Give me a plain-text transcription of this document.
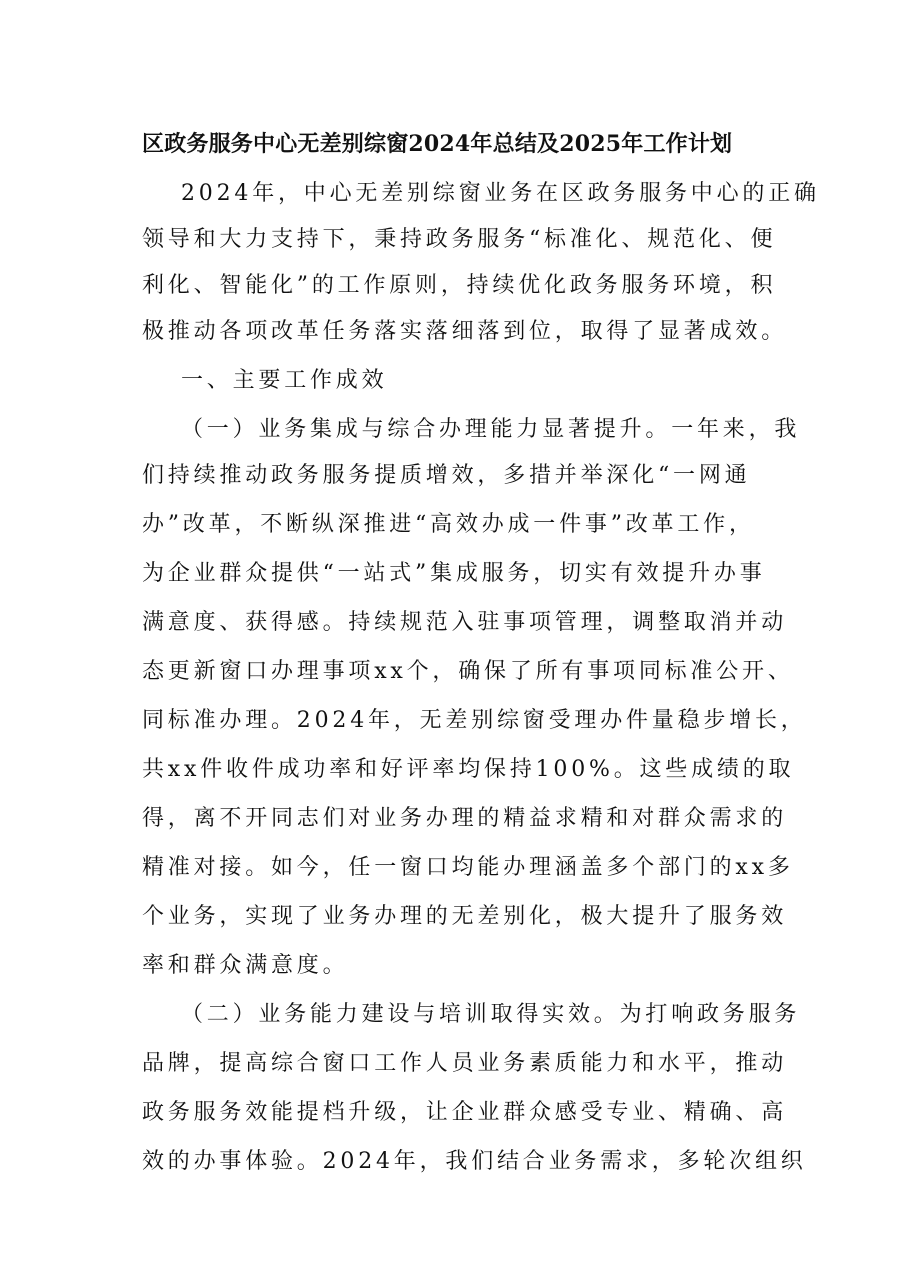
区政务服务中心无差别综窗2024年总结及2025年工作计划
2024年，中心无差别综窗业务在区政务服务中心的正确
领导和大力支持下，秉持政务服务“标准化、规范化、便
利化、智能化”的工作原则，持续优化政务服务环境，积
极推动各项改革任务落实落细落到位，取得了显著成效。
一、主要工作成效
（一）业务集成与综合办理能力显著提升。一年来，我
们持续推动政务服务提质增效，多措并举深化“一网通
办”改革，不断纵深推进“高效办成一件事”改革工作，
为企业群众提供“一站式”集成服务，切实有效提升办事
满意度、获得感。持续规范入驻事项管理，调整取消并动
态更新窗口办理事项xx个，确保了所有事项同标准公开、
同标准办理。2024年，无差别综窗受理办件量稳步增长，
共xx件收件成功率和好评率均保持100%。这些成绩的取
得，离不开同志们对业务办理的精益求精和对群众需求的
精准对接。如今，任一窗口均能办理涵盖多个部门的xx多
个业务，实现了业务办理的无差别化，极大提升了服务效
率和群众满意度。
（二）业务能力建设与培训取得实效。为打响政务服务
品牌，提高综合窗口工作人员业务素质能力和水平，推动
政务服务效能提档升级，让企业群众感受专业、精确、高
效的办事体验。2024年，我们结合业务需求，多轮次组织
